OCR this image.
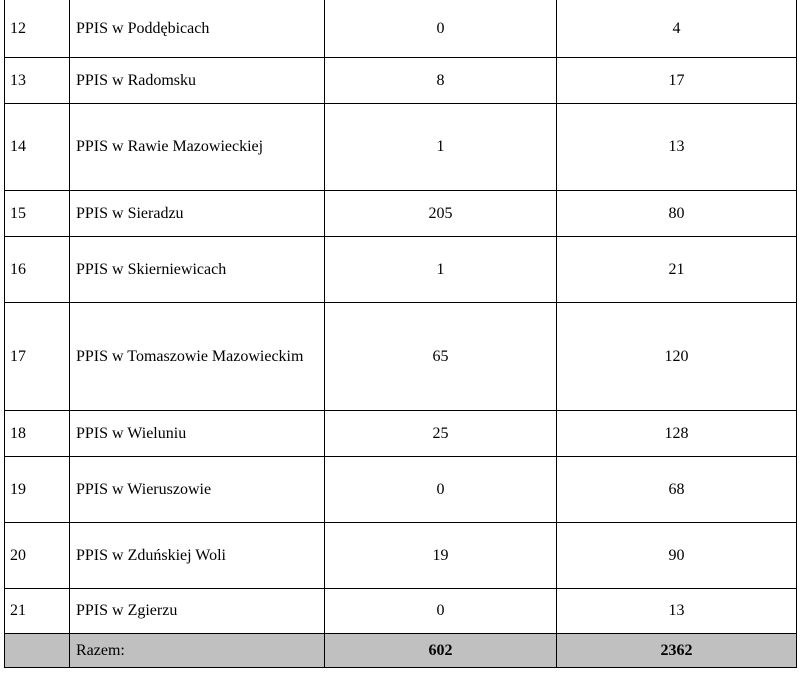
12	PPIS w Poddębicach	0	4
13	PPIS w Radomsku	8	17
14	PPIS w Rawie Mazowieckiej	1	13
15	PPIS w Sieradzu	205	80
16	PPIS w Skierniewicach	1	21
17	PPIS w Tomaszowie Mazowieckim	65	120
18	PPIS w Wieluniu	25	128
19	PPIS w Wieruszowie	0	68
20	PPIS w Zduńskiej Woli	19	90
21	PPIS w Zgierzu	0	13
	Razem:	602	2362
